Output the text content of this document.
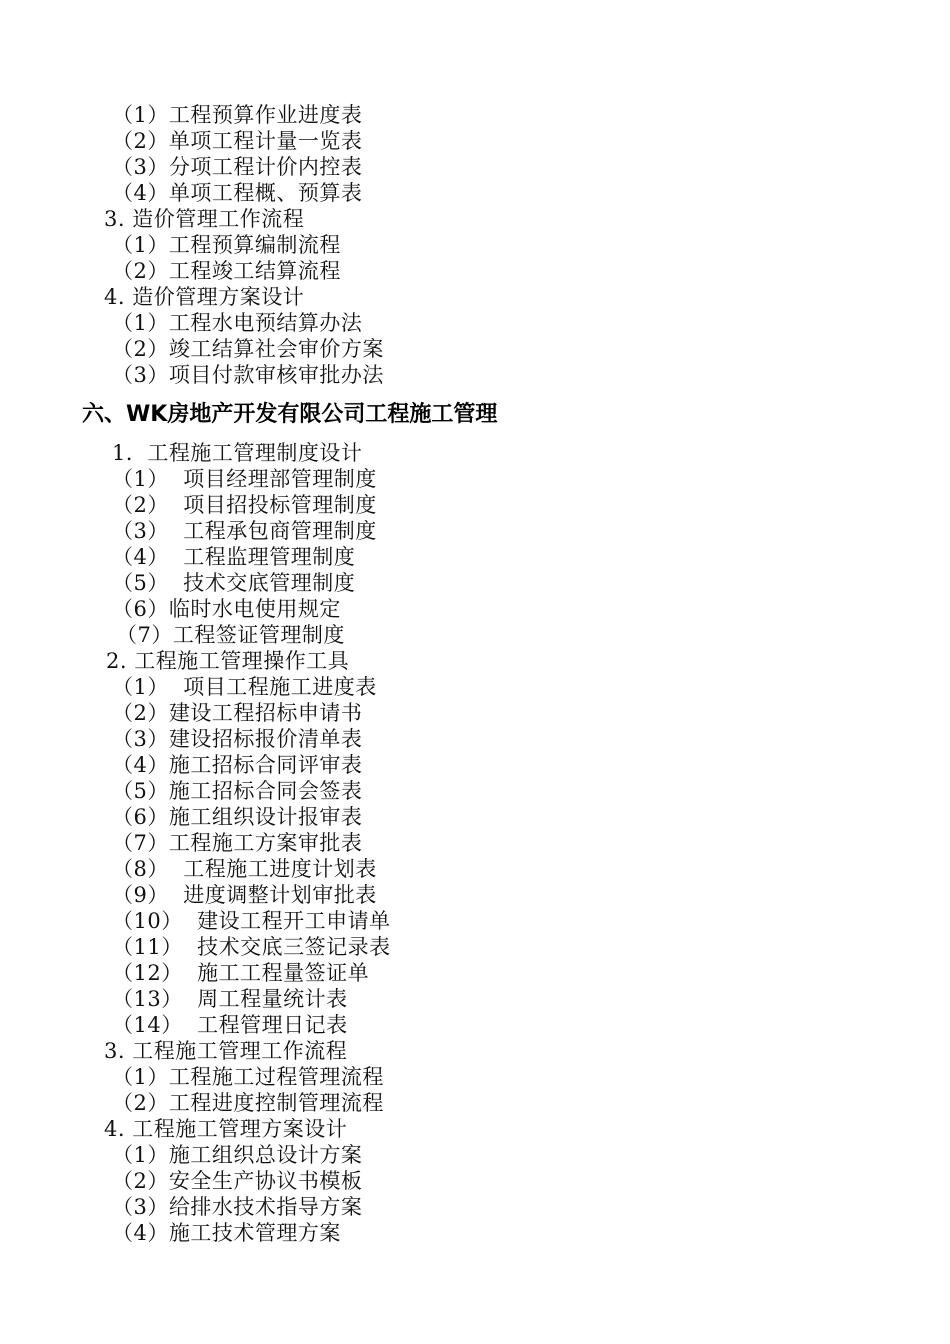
（1）工程预算作业进度表
（2）单项工程计量一览表
（3）分项工程计价内控表
（4）单项工程概、预算表
3. 造价管理工作流程
（1）工程预算编制流程
（2）工程竣工结算流程
4. 造价管理方案设计
（1）工程水电预结算办法
（2）竣工结算社会审价方案
（3）项目付款审核审批办法
六、WK房地产开发有限公司工程施工管理
1．工程施工管理制度设计
（1）  项目经理部管理制度
（2）  项目招投标管理制度
（3）  工程承包商管理制度
（4）  工程监理管理制度
（5）  技术交底管理制度
（6）临时水电使用规定
（7）工程签证管理制度
2. 工程施工管理操作工具
（1）  项目工程施工进度表
（2）建设工程招标申请书
（3）建设招标报价清单表
（4）施工招标合同评审表
（5）施工招标合同会签表
（6）施工组织设计报审表
（7）工程施工方案审批表
（8）  工程施工进度计划表
（9）  进度调整计划审批表
（10）  建设工程开工申请单
（11）  技术交底三签记录表
（12）  施工工程量签证单
（13）  周工程量统计表
（14）  工程管理日记表
3. 工程施工管理工作流程
（1）工程施工过程管理流程
（2）工程进度控制管理流程
4. 工程施工管理方案设计
（1）施工组织总设计方案
（2）安全生产协议书模板
（3）给排水技术指导方案
（4）施工技术管理方案
